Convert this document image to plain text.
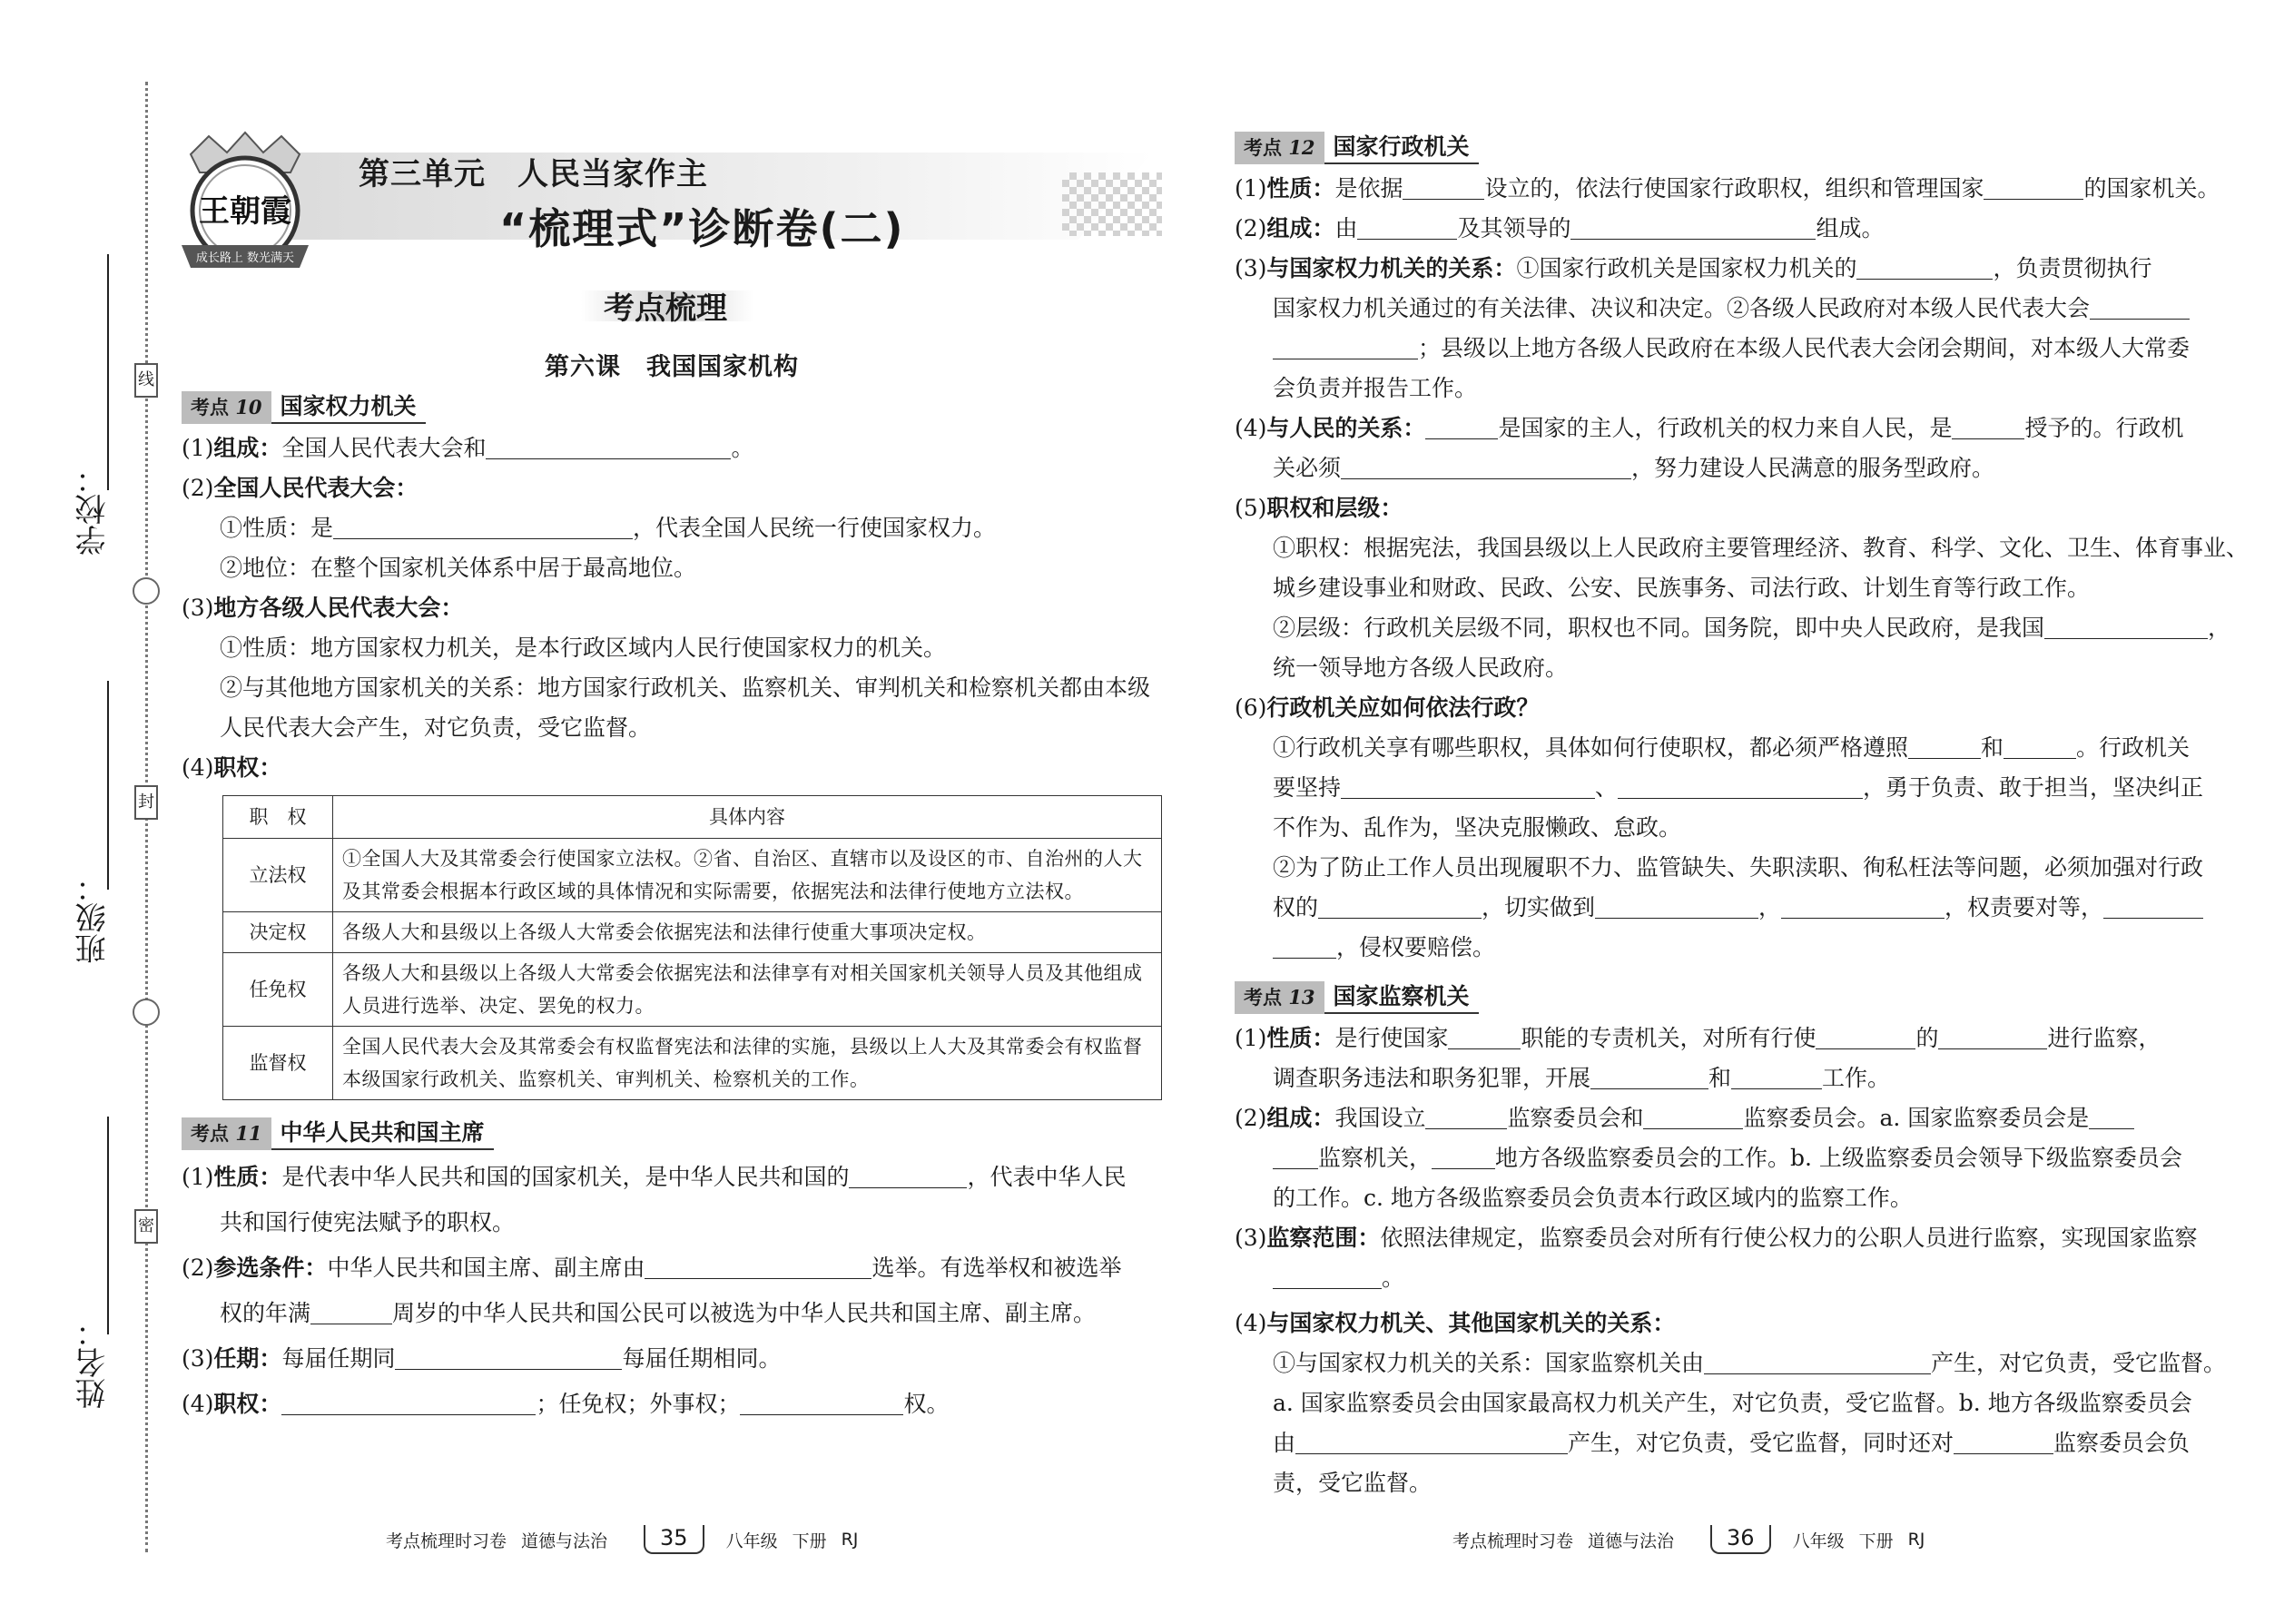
线
封
密
学校：
班级：
姓名：
王朝霞
成长路上 数光满天
第三单元　人民当家作主
“梳理式”诊断卷(二)
考点梳理
第六课　我国国家机构
考点 10 国家权力机关
(1)组成：全国人民代表大会和	。
(2)全国人民代表大会：
①性质：是	，代表全国人民统一行使国家权力。
②地位：在整个国家机关体系中居于最高地位。
(3)地方各级人民代表大会：
①性质：地方国家权力机关，是本行政区域内人民行使国家权力的机关。
②与其他地方国家机关的关系：地方国家行政机关、监察机关、审判机关和检察机关都由本级
人民代表大会产生，对它负责，受它监督。
(4)职权：
职　权	具体内容
立法权	①全国人大及其常委会行使国家立法权。②省、自治区、直辖市以及设区的市、自治州的人大及其常委会根据本行政区域的具体情况和实际需要，依据宪法和法律行使地方立法权。
决定权	各级人大和县级以上各级人大常委会依据宪法和法律行使重大事项决定权。
任免权	各级人大和县级以上各级人大常委会依据宪法和法律享有对相关国家机关领导人员及其他组成人员进行选举、决定、罢免的权力。
监督权	全国人民代表大会及其常委会有权监督宪法和法律的实施，县级以上人大及其常委会有权监督本级国家行政机关、监察机关、审判机关、检察机关的工作。
考点 11 中华人民共和国主席
(1)性质：是代表中华人民共和国的国家机关，是中华人民共和国的	，代表中华人民
共和国行使宪法赋予的职权。
(2)参选条件：中华人民共和国主席、副主席由	选举。有选举权和被选举
权的年满	周岁的中华人民共和国公民可以被选为中华人民共和国主席、副主席。
(3)任期：每届任期同	每届任期相同。
(4)职权：	；任免权；外事权；	权。
考点 12 国家行政机关
(1)性质：是依据	设立的，依法行使国家行政职权，组织和管理国家	的国家机关。
(2)组成：由	及其领导的	组成。
(3)与国家权力机关的关系：①国家行政机关是国家权力机关的	，负责贯彻执行
国家权力机关通过的有关法律、决议和决定。②各级人民政府对本级人民代表大会
；县级以上地方各级人民政府在本级人民代表大会闭会期间，对本级人大常委
会负责并报告工作。
(4)与人民的关系：	是国家的主人，行政机关的权力来自人民，是	授予的。行政机
关必须	，努力建设人民满意的服务型政府。
(5)职权和层级：
①职权：根据宪法，我国县级以上人民政府主要管理经济、教育、科学、文化、卫生、体育事业、
城乡建设事业和财政、民政、公安、民族事务、司法行政、计划生育等行政工作。
②层级：行政机关层级不同，职权也不同。国务院，即中央人民政府，是我国	，
统一领导地方各级人民政府。
(6)行政机关应如何依法行政？
①行政机关享有哪些职权，具体如何行使职权，都必须严格遵照	和	。行政机关
要坚持	、	，勇于负责、敢于担当，坚决纠正
不作为、乱作为，坚决克服懒政、怠政。
②为了防止工作人员出现履职不力、监管缺失、失职渎职、徇私枉法等问题，必须加强对行政
权的	，切实做到	，	，权责要对等，
，侵权要赔偿。
考点 13 国家监察机关
(1)性质：是行使国家	职能的专责机关，对所有行使	的	进行监察，
调查职务违法和职务犯罪，开展	和	工作。
(2)组成：我国设立	监察委员会和	监察委员会。a. 国家监察委员会是
监察机关，	地方各级监察委员会的工作。b. 上级监察委员会领导下级监察委员会
的工作。c. 地方各级监察委员会负责本行政区域内的监察工作。
(3)监察范围：依照法律规定，监察委员会对所有行使公权力的公职人员进行监察，实现国家监察
。
(4)与国家权力机关、其他国家机关的关系：
①与国家权力机关的关系：国家监察机关由	产生，对它负责，受它监督。
a. 国家监察委员会由国家最高权力机关产生，对它负责，受它监督。b. 地方各级监察委员会
由	产生，对它负责，受它监督，同时还对	监察委员会负
责，受它监督。
考点梳理时习卷 道德与法治	35	八年级 下册 RJ	考点梳理时习卷 道德与法治	36	八年级 下册 RJ
